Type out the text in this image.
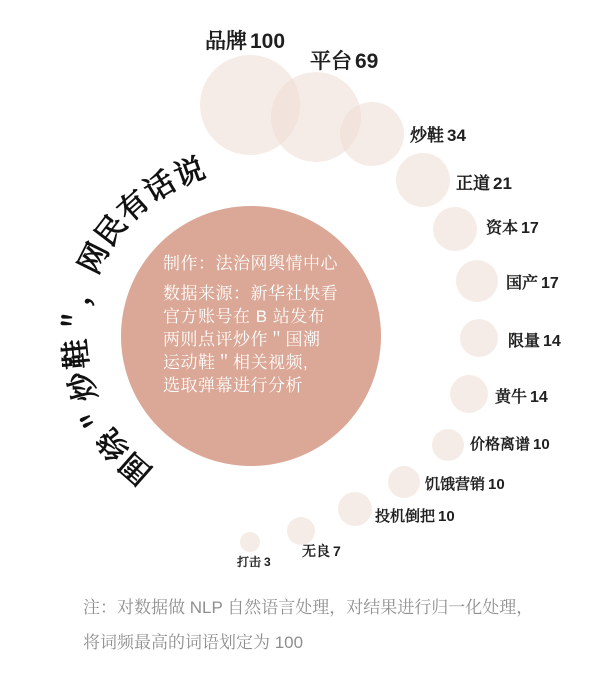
围绕＂炒鞋＂，网民有话说
品牌 100
平台 69
炒鞋 34
正道 21
资本 17
国产 17
限量 14
黄牛 14
价格离谱 10
饥饿营销 10
投机倒把 10
无良 7
打击 3
制作：法治网舆情中心
数据来源：新华社快看
官方账号在 B 站发布
两则点评炒作＂国潮
运动鞋＂相关视频,
选取弹幕进行分析
注：对数据做 NLP 自然语言处理，对结果进行归一化处理，
将词频最高的词语划定为 100
